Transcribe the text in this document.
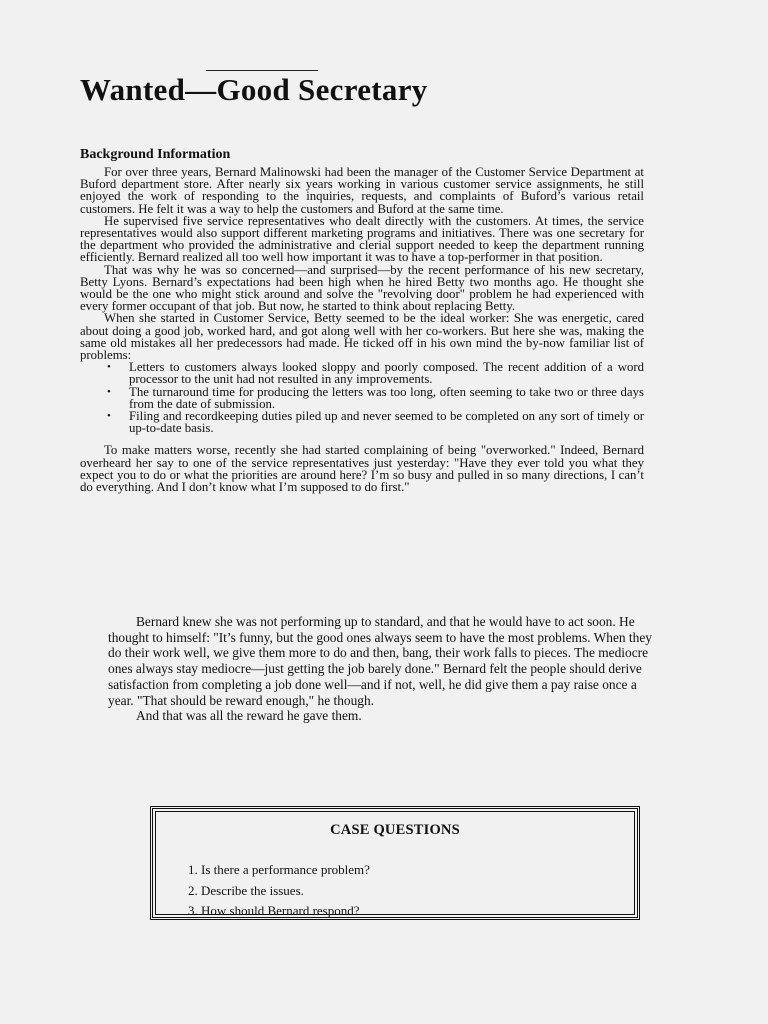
Wanted—Good Secretary
Background Information

For over three years, Bernard Malinowski had been the manager of the Customer Service Department at Buford department store. After nearly six years working in various customer service assignments, he still enjoyed the work of responding to the inquiries, requests, and complaints of Buford’s various retail customers. He felt it was a way to help the customers and Buford at the same time.

He supervised five service representatives who dealt directly with the customers. At times, the service representatives would also support different marketing programs and initiatives. There was one secretary for the department who provided the administrative and clerial support needed to keep the department running efficiently. Bernard realized all too well how important it was to have a top-performer in that position.

That was why he was so concerned—and surprised—by the recent performance of his new secretary, Betty Lyons. Bernard’s expectations had been high when he hired Betty two months ago. He thought she would be the one who might stick around and solve the "revolving door" problem he had experienced with every former occupant of that job. But now, he started to think about replacing Betty.

When she started in Customer Service, Betty seemed to be the ideal worker: She was energetic, cared about doing a good job, worked hard, and got along well with her co-workers. But here she was, making the same old mistakes all her predecessors had made. He ticked off in his own mind the by-now familiar list of problems:

• Letters to customers always looked sloppy and poorly composed. The recent addition of a word processor to the unit had not resulted in any improvements.
• The turnaround time for producing the letters was too long, often seeming to take two or three days from the date of submission.
• Filing and recordkeeping duties piled up and never seemed to be completed on any sort of timely or up-to-date basis.

To make matters worse, recently she had started complaining of being "overworked." Indeed, Bernard overheard her say to one of the service representatives just yesterday: "Have they ever told you what they expect you to do or what the priorities are around here? I’m so busy and pulled in so many directions, I can’t do everything. And I don’t know what I’m supposed to do first."

Bernard knew she was not performing up to standard, and that he would have to act soon. He thought to himself: "It’s funny, but the good ones always seem to have the most problems. When they do their work well, we give them more to do and then, bang, their work falls to pieces. The mediocre ones always stay mediocre—just getting the job barely done." Bernard felt the people should derive satisfaction from completing a job done well—and if not, well, he did give them a pay raise once a year. "That should be reward enough," he though.

And that was all the reward he gave them.

CASE QUESTIONS
1. Is there a performance problem?
2. Describe the issues.
3. How should Bernard respond?
